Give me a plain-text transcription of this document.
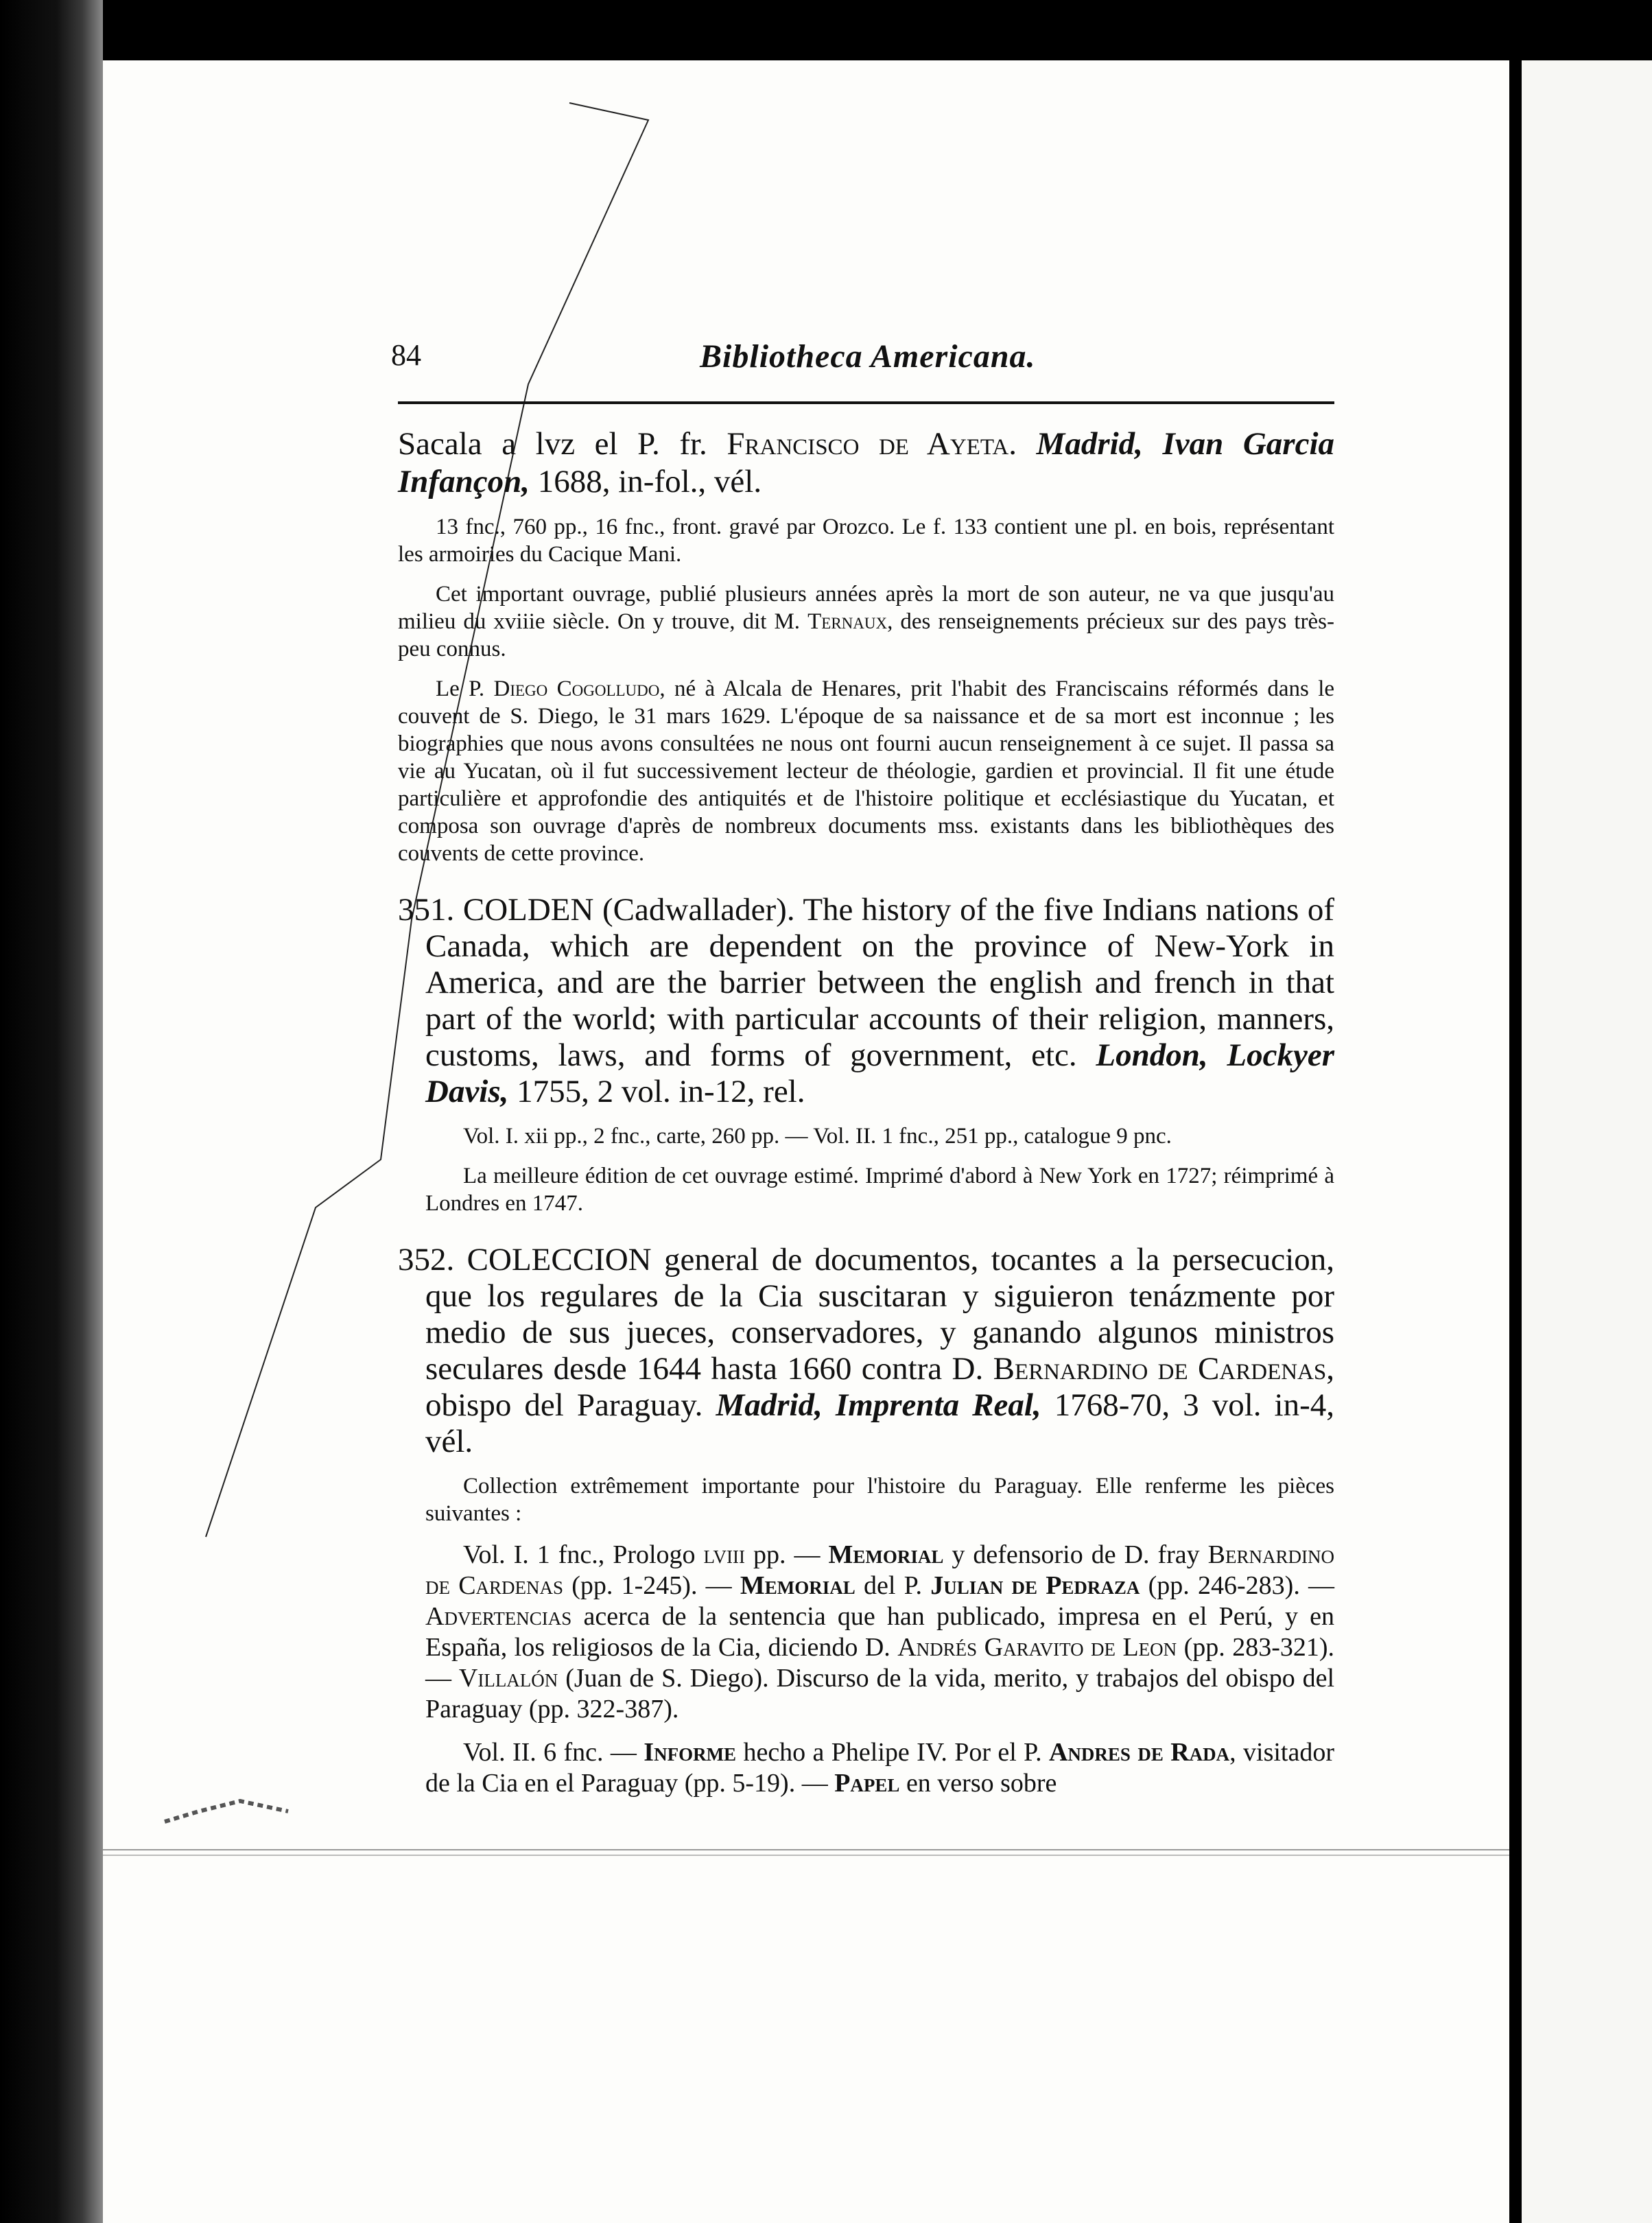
84	Bibliotheca Americana.

Sacala a lvz el P. fr. Francisco de Ayeta. Madrid, Ivan Garcia Infançon, 1688, in-fol., vél.

13 fnc., 760 pp., 16 fnc., front. gravé par Orozco. Le f. 133 contient une pl. en bois, représentant les armoiries du Cacique Mani.

Cet important ouvrage, publié plusieurs années après la mort de son auteur, ne va que jusqu'au milieu du xviiie siècle. On y trouve, dit M. Ternaux, des renseignements précieux sur des pays très-peu connus.

Le P. Diego Cogolludo, né à Alcala de Henares, prit l'habit des Franciscains réformés dans le couvent de S. Diego, le 31 mars 1629. L'époque de sa naissance et de sa mort est inconnue ; les biographies que nous avons consultées ne nous ont fourni aucun renseignement à ce sujet. Il passa sa vie au Yucatan, où il fut successivement lecteur de théologie, gardien et provincial. Il fit une étude particulière et approfondie des antiquités et de l'histoire politique et ecclésiastique du Yucatan, et composa son ouvrage d'après de nombreux documents mss. existants dans les bibliothèques des couvents de cette province.

351. COLDEN (Cadwallader). The history of the five Indians nations of Canada, which are dependent on the province of New-York in America, and are the barrier between the english and french in that part of the world; with particular accounts of their religion, manners, customs, laws, and forms of government, etc. London, Lockyer Davis, 1755, 2 vol. in-12, rel.

Vol. I. xii pp., 2 fnc., carte, 260 pp. — Vol. II. 1 fnc., 251 pp., catalogue 9 pnc.

La meilleure édition de cet ouvrage estimé. Imprimé d'abord à New York en 1727; réimprimé à Londres en 1747.

352. COLECCION general de documentos, tocantes a la persecucion, que los regulares de la Cia suscitaran y siguieron tenázmente por medio de sus jueces, conservadores, y ganando algunos ministros seculares desde 1644 hasta 1660 contra D. Bernardino de Cardenas, obispo del Paraguay. Madrid, Imprenta Real, 1768-70, 3 vol. in-4, vél.

Collection extrêmement importante pour l'histoire du Paraguay. Elle renferme les pièces suivantes :

Vol. I. 1 fnc., Prologo lviii pp. — Memorial y defensorio de D. fray Bernardino de Cardenas (pp. 1-245). — Memorial del P. Julian de Pedraza (pp. 246-283). — Advertencias acerca de la sentencia que han publicado, impresa en el Perú, y en España, los religiosos de la Cia, diciendo D. Andrés Garavito de Leon (pp. 283-321). — Villalón (Juan de S. Diego). Discurso de la vida, merito, y trabajos del obispo del Paraguay (pp. 322-387).

Vol. II. 6 fnc. — Informe hecho a Phelipe IV. Por el P. Andres de Rada, visitador de la Cia en el Paraguay (pp. 5-19). — Papel en verso sobre
